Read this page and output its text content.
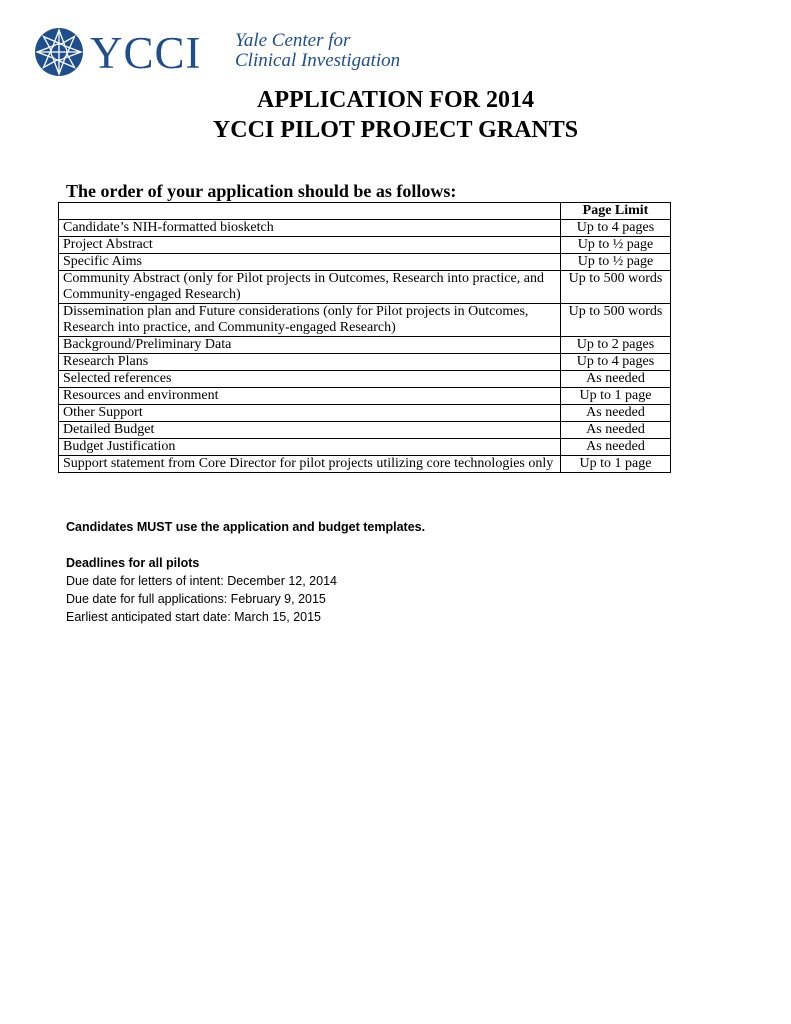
YCCI Yale Center for
Clinical Investigation
APPLICATION FOR 2014
YCCI PILOT PROJECT GRANTS
The order of your application should be as follows:
	Page Limit
Candidate’s NIH-formatted biosketch	Up to 4 pages
Project Abstract	Up to ½ page
Specific Aims	Up to ½ page
Community Abstract (only for Pilot projects in Outcomes, Research into practice, and Community-engaged Research)	Up to 500 words
Dissemination plan and Future considerations (only for Pilot projects in Outcomes, Research into practice, and Community-engaged Research)	Up to 500 words
Background/Preliminary Data	Up to 2 pages
Research Plans	Up to 4 pages
Selected references	As needed
Resources and environment	Up to 1 page
Other Support	As needed
Detailed Budget	As needed
Budget Justification	As needed
Support statement from Core Director for pilot projects utilizing core technologies only	Up to 1 page
Candidates MUST use the application and budget templates.
Deadlines for all pilots
Due date for letters of intent: December 12, 2014
Due date for full applications: February 9, 2015
Earliest anticipated start date: March 15, 2015
